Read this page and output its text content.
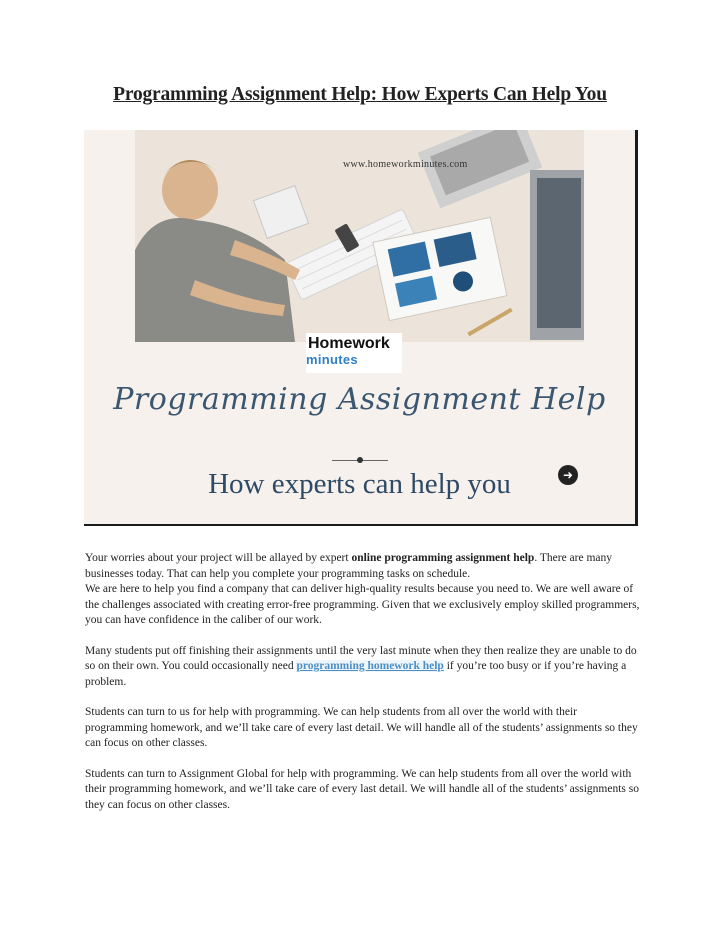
Programming Assignment Help: How Experts Can Help You
www.homeworkminutes.com
Homework
minutes
Programming Assignment Help
How experts can help you	➜

Your worries about your project will be allayed by expert online programming assignment help. There are many businesses today. That can help you complete your programming tasks on schedule.

We are here to help you find a company that can deliver high-quality results because you need to. We are well aware of the challenges associated with creating error-free programming. Given that we exclusively employ skilled programmers, you can have confidence in the caliber of our work.

Many students put off finishing their assignments until the very last minute when they then realize they are unable to do so on their own. You could occasionally need programming homework help if you’re too busy or if you’re having a problem.

Students can turn to us for help with programming. We can help students from all over the world with their programming homework, and we’ll take care of every last detail. We will handle all of the students’ assignments so they can focus on other classes.

Students can turn to Assignment Global for help with programming. We can help students from all over the world with their programming homework, and we’ll take care of every last detail. We will handle all of the students’ assignments so they can focus on other classes.
